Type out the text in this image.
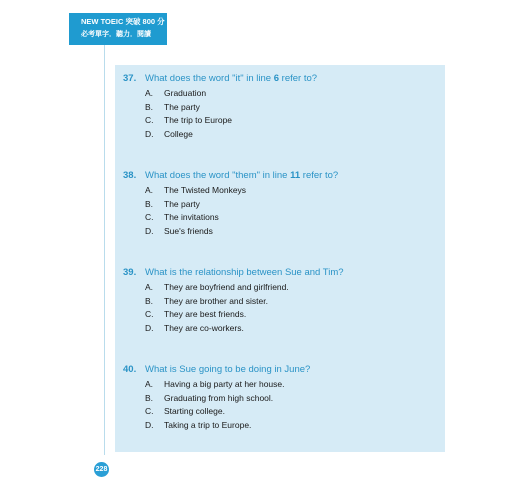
NEW TOEIC 突破 800 分
必考單字．聽力．閱讀
37. What does the word "it" in line 6 refer to?
A. Graduation
B. The party
C. The trip to Europe
D. College
38. What does the word "them" in line 11 refer to?
A. The Twisted Monkeys
B. The party
C. The invitations
D. Sue's friends
39. What is the relationship between Sue and Tim?
A. They are boyfriend and girlfriend.
B. They are brother and sister.
C. They are best friends.
D. They are co-workers.
40. What is Sue going to be doing in June?
A. Having a big party at her house.
B. Graduating from high school.
C. Starting college.
D. Taking a trip to Europe.
228
